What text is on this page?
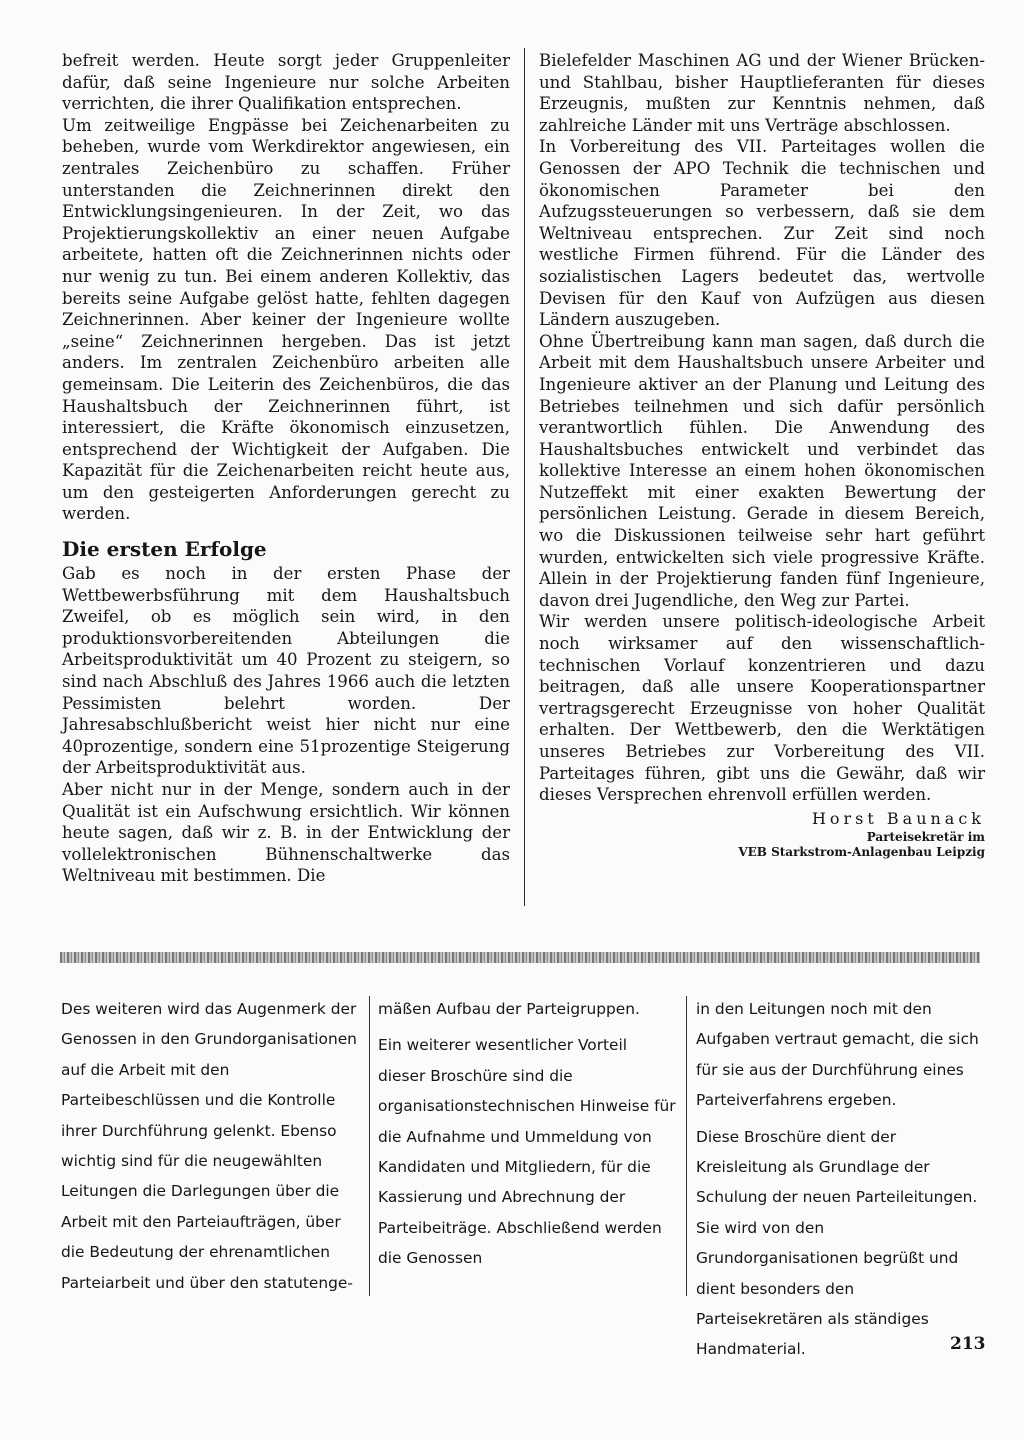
befreit werden. Heute sorgt jeder Gruppenleiter dafür, daß seine Ingenieure nur solche Arbeiten verrichten, die ihrer Qualifikation entsprechen.

Um zeitweilige Engpässe bei Zeichenarbeiten zu beheben, wurde vom Werkdirektor angewiesen, ein zentrales Zeichenbüro zu schaffen. Früher unterstanden die Zeichnerinnen direkt den Entwicklungsingenieuren. In der Zeit, wo das Projektierungskollektiv an einer neuen Aufgabe arbeitete, hatten oft die Zeichnerinnen nichts oder nur wenig zu tun. Bei einem anderen Kollektiv, das bereits seine Aufgabe gelöst hatte, fehlten dagegen Zeichnerinnen. Aber keiner der Ingenieure wollte „seine“ Zeichnerinnen hergeben. Das ist jetzt anders. Im zentralen Zeichenbüro arbeiten alle gemeinsam. Die Leiterin des Zeichenbüros, die das Haushaltsbuch der Zeichnerinnen führt, ist interessiert, die Kräfte ökonomisch einzusetzen, entsprechend der Wichtigkeit der Aufgaben. Die Kapazität für die Zeichenarbeiten reicht heute aus, um den gesteigerten Anforderungen gerecht zu werden.

Die ersten Erfolge

Gab es noch in der ersten Phase der Wettbewerbsführung mit dem Haushaltsbuch Zweifel, ob es möglich sein wird, in den produktionsvorbereitenden Abteilungen die Arbeitsproduktivität um 40 Prozent zu steigern, so sind nach Abschluß des Jahres 1966 auch die letzten Pessimisten belehrt worden. Der Jahresabschlußbericht weist hier nicht nur eine 40prozentige, sondern eine 51prozentige Steigerung der Arbeitsproduktivität aus.

Aber nicht nur in der Menge, sondern auch in der Qualität ist ein Aufschwung ersichtlich. Wir können heute sagen, daß wir z. B. in der Entwicklung der vollelektronischen Bühnenschaltwerke das Weltniveau mit bestimmen. Die

Bielefelder Maschinen AG und der Wiener Brücken- und Stahlbau, bisher Hauptlieferanten für dieses Erzeugnis, mußten zur Kenntnis nehmen, daß zahlreiche Länder mit uns Verträge abschlossen.

In Vorbereitung des VII. Parteitages wollen die Genossen der APO Technik die technischen und ökonomischen Parameter bei den Aufzugssteuerungen so verbessern, daß sie dem Weltniveau entsprechen. Zur Zeit sind noch westliche Firmen führend. Für die Länder des sozialistischen Lagers bedeutet das, wertvolle Devisen für den Kauf von Aufzügen aus diesen Ländern auszugeben.

Ohne Übertreibung kann man sagen, daß durch die Arbeit mit dem Haushaltsbuch unsere Arbeiter und Ingenieure aktiver an der Planung und Leitung des Betriebes teilnehmen und sich dafür persönlich verantwortlich fühlen. Die Anwendung des Haushaltsbuches entwickelt und verbindet das kollektive Interesse an einem hohen ökonomischen Nutzeffekt mit einer exakten Bewertung der persönlichen Leistung. Gerade in diesem Bereich, wo die Diskussionen teilweise sehr hart geführt wurden, entwickelten sich viele progressive Kräfte. Allein in der Projektierung fanden fünf Ingenieure, davon drei Jugendliche, den Weg zur Partei.

Wir werden unsere politisch-ideologische Arbeit noch wirksamer auf den wissenschaftlich-technischen Vorlauf konzentrieren und dazu beitragen, daß alle unsere Kooperationspartner vertragsgerecht Erzeugnisse von hoher Qualität erhalten. Der Wettbewerb, den die Werktätigen unseres Betriebes zur Vorbereitung des VII. Parteitages führen, gibt uns die Gewähr, daß wir dieses Versprechen ehrenvoll erfüllen werden.

Horst Baunack
Parteisekretär im
VEB Starkstrom-Anlagenbau Leipzig

Des weiteren wird das Augenmerk der Genossen in den Grundorganisationen auf die Arbeit mit den Parteibeschlüssen und die Kontrolle ihrer Durchführung gelenkt. Ebenso wichtig sind für die neugewählten Leitungen die Darlegungen über die Arbeit mit den Parteiaufträgen, über die Bedeutung der ehrenamtlichen Parteiarbeit und über den statutenge-

mäßen Aufbau der Parteigruppen.

Ein weiterer wesentlicher Vorteil dieser Broschüre sind die organisationstechnischen Hinweise für die Aufnahme und Ummeldung von Kandidaten und Mitgliedern, für die Kassierung und Abrechnung der Parteibeiträge. Abschließend werden die Genossen

in den Leitungen noch mit den Aufgaben vertraut gemacht, die sich für sie aus der Durchführung eines Parteiverfahrens ergeben.

Diese Broschüre dient der Kreisleitung als Grundlage der Schulung der neuen Parteileitungen. Sie wird von den Grundorganisationen begrüßt und dient besonders den Parteisekretären als ständiges Handmaterial.	213
